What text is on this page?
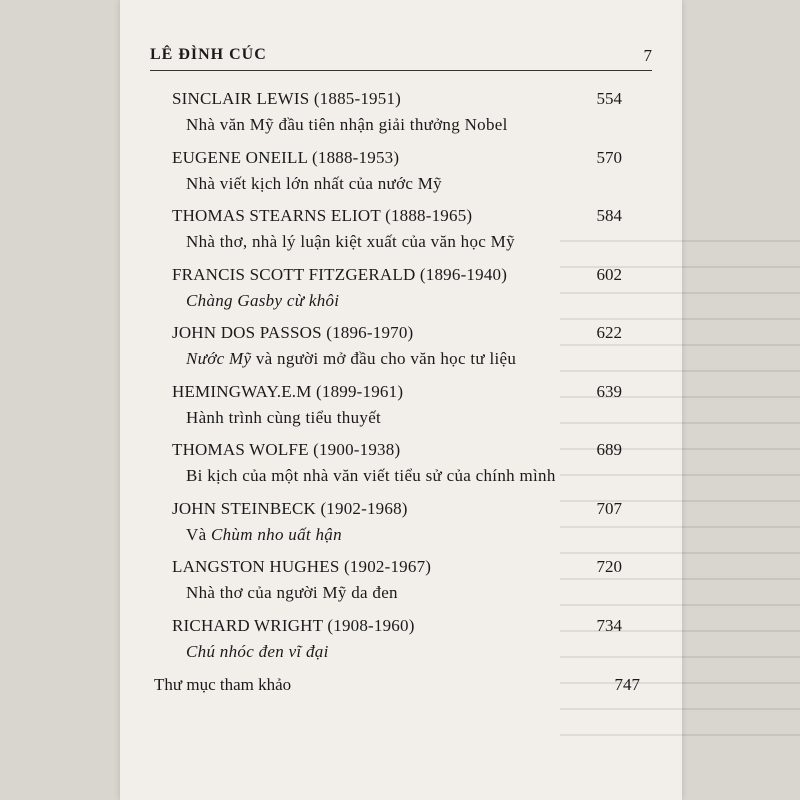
LÊ ĐÌNH CÚC	7
SINCLAIR LEWIS (1885-1951)	554
Nhà văn Mỹ đầu tiên nhận giải thưởng Nobel
EUGENE ONEILL (1888-1953)	570
Nhà viết kịch lớn nhất của nước Mỹ
THOMAS STEARNS ELIOT (1888-1965)	584
Nhà thơ, nhà lý luận kiệt xuất của văn học Mỹ
FRANCIS SCOTT FITZGERALD (1896-1940)	602
Chàng Gasby cừ khôi
JOHN DOS PASSOS (1896-1970)	622
Nước Mỹ và người mở đầu cho văn học tư liệu
HEMINGWAY.E.M (1899-1961)	639
Hành trình cùng tiểu thuyết
THOMAS WOLFE (1900-1938)	689
Bi kịch của một nhà văn viết tiểu sử của chính mình
JOHN STEINBECK (1902-1968)	707
Và Chùm nho uất hận
LANGSTON HUGHES (1902-1967)	720
Nhà thơ của người Mỹ da đen
RICHARD WRIGHT (1908-1960)	734
Chú nhóc đen vĩ đại
Thư mục tham khảo	747
